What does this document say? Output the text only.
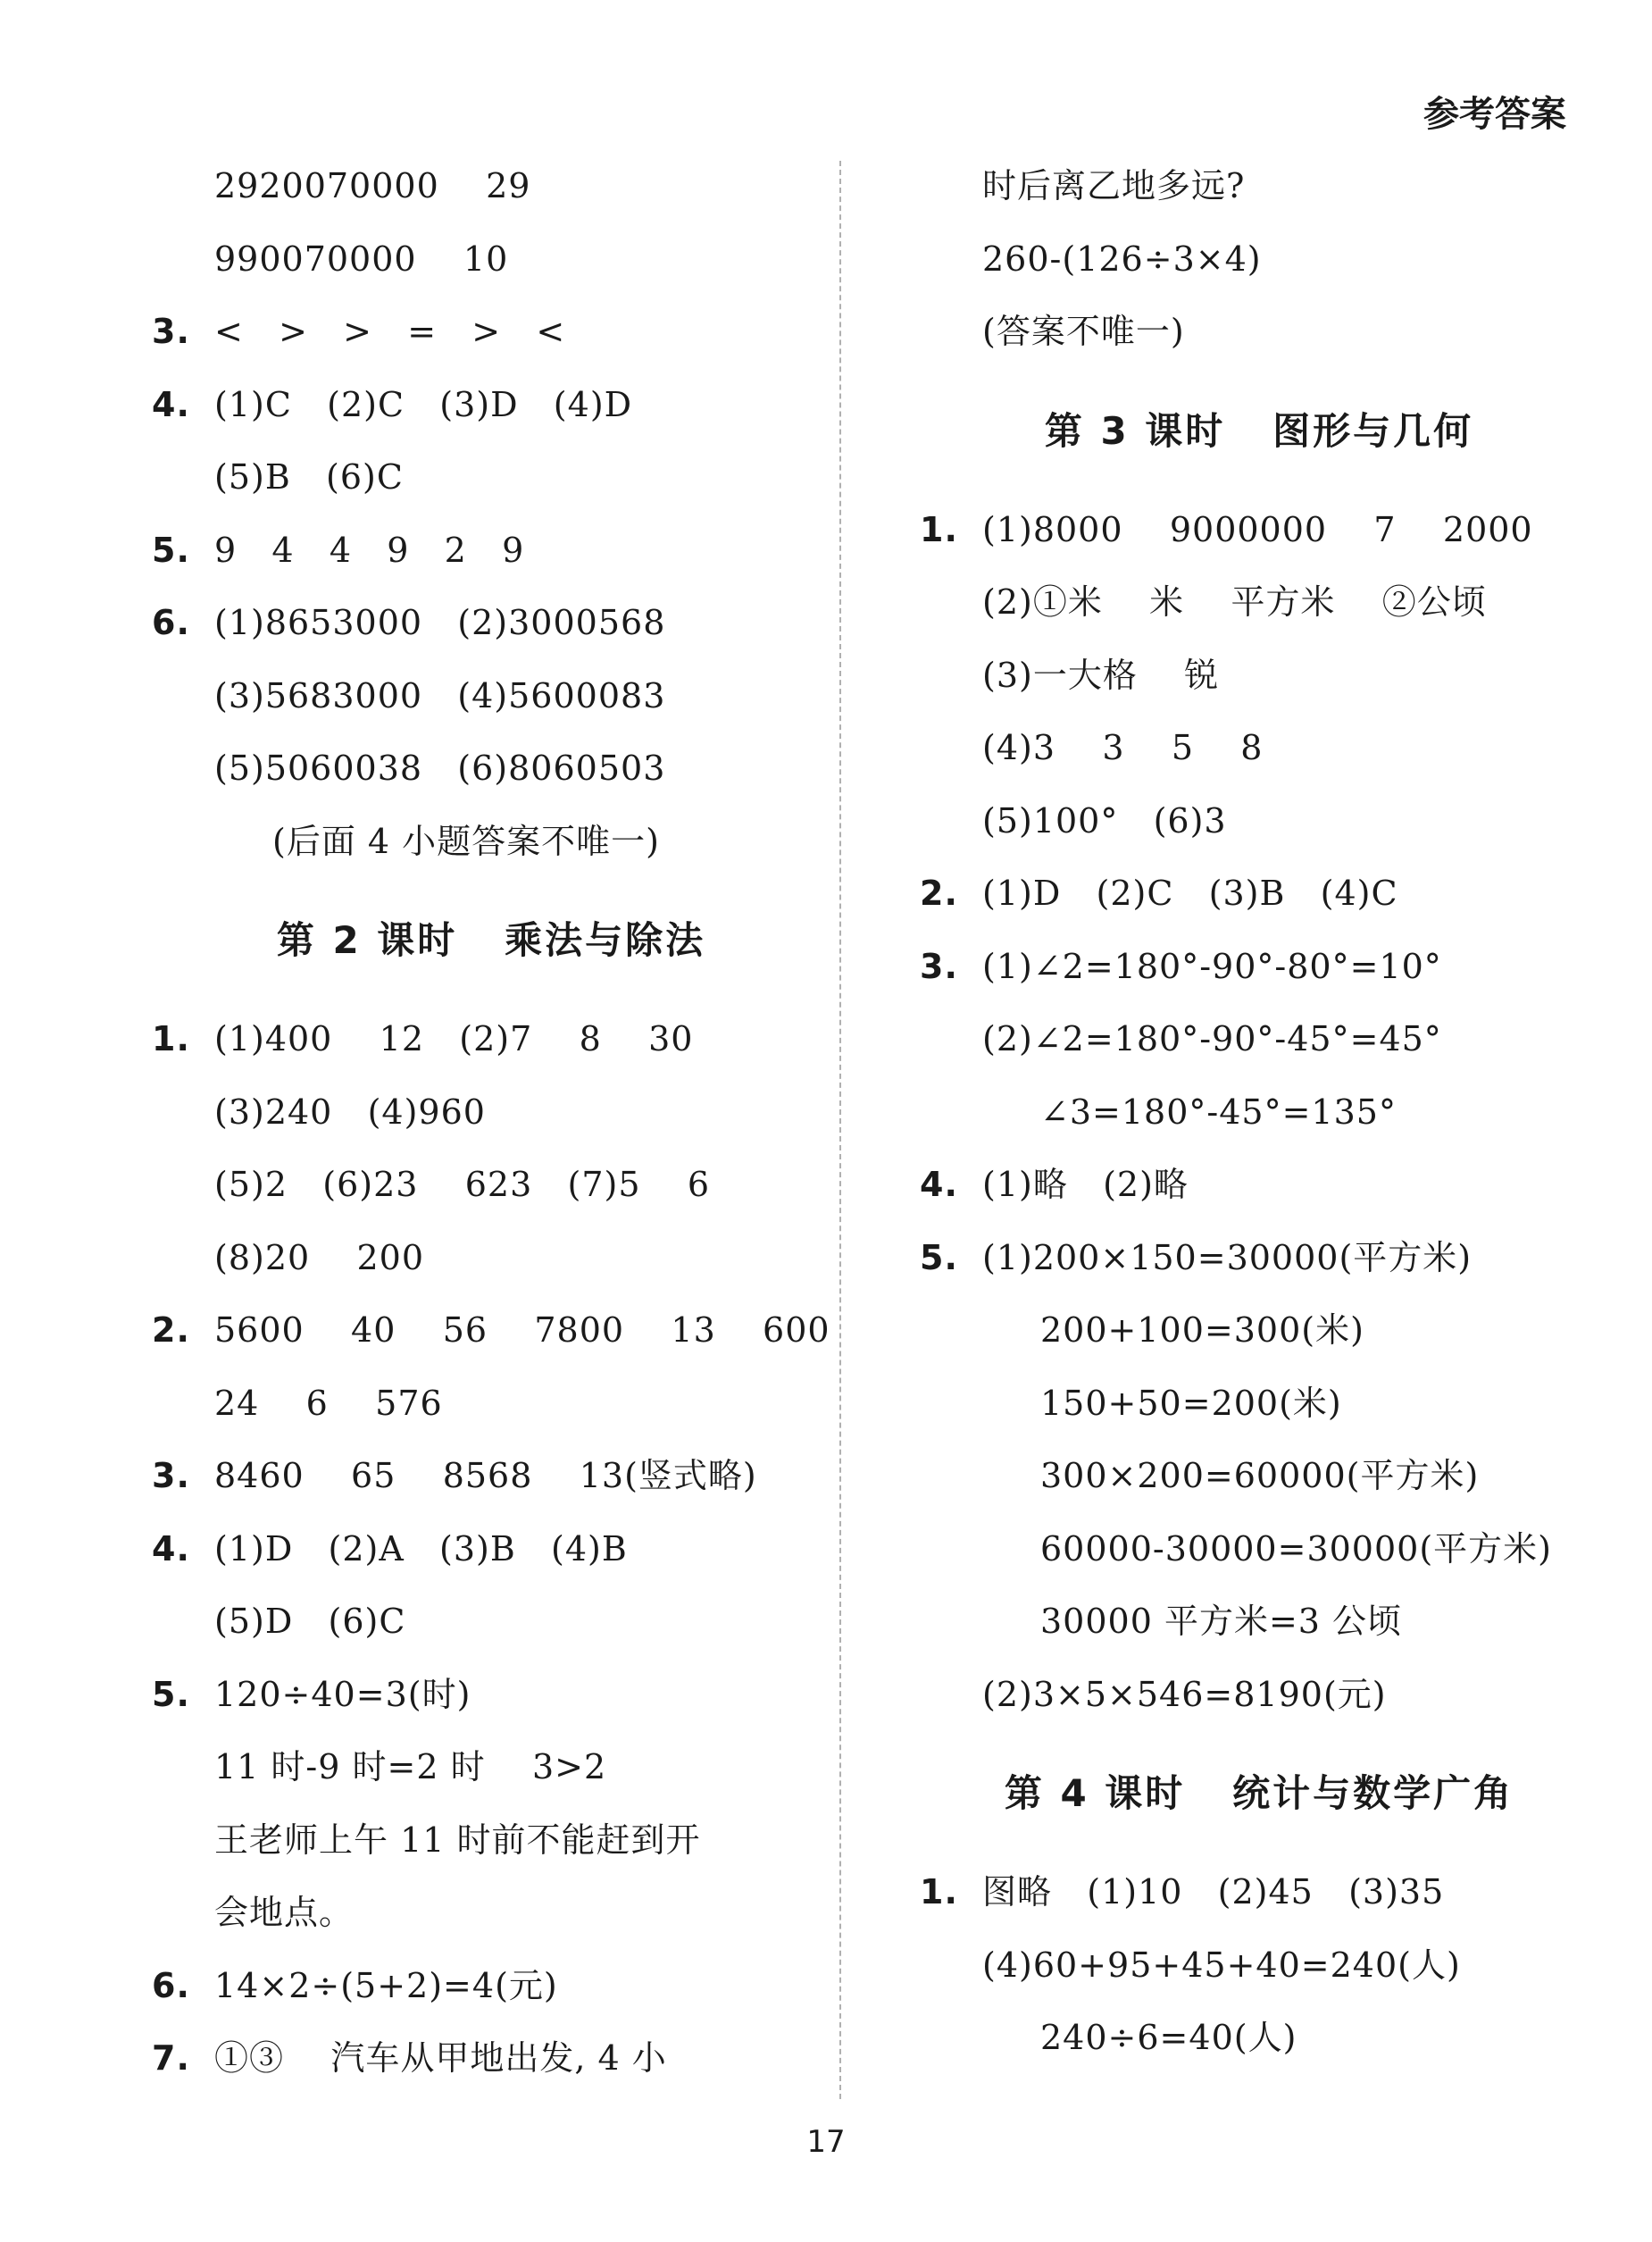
参考答案
2920070000    29
990070000    10
3. <   >   >   =   >   <
4. (1)C   (2)C   (3)D   (4)D
(5)B   (6)C
5. 9   4   4   9   2   9
6. (1)8653000   (2)3000568
(3)5683000   (4)5600083
(5)5060038   (6)8060503
(后面 4 小题答案不唯一)
第 2 课时   乘法与除法
1. (1)400    12   (2)7    8    30
(3)240   (4)960
(5)2   (6)23    623   (7)5    6
(8)20    200
2. 5600    40    56    7800    13    600
24    6    576
3. 8460    65    8568    13(竖式略)
4. (1)D   (2)A   (3)B   (4)B
(5)D   (6)C
5. 120÷40=3(时)
11 时-9 时=2 时    3>2
王老师上午 11 时前不能赶到开
会地点。
6. 14×2÷(5+2)=4(元)
7. ①③    汽车从甲地出发, 4 小
时后离乙地多远?
260-(126÷3×4)
(答案不唯一)
第 3 课时   图形与几何
1. (1)8000    9000000    7    2000
(2)①米    米    平方米    ②公顷
(3)一大格    锐
(4)3    3    5    8
(5)100°   (6)3
2. (1)D   (2)C   (3)B   (4)C
3. (1)∠2=180°-90°-80°=10°
(2)∠2=180°-90°-45°=45°
∠3=180°-45°=135°
4. (1)略   (2)略
5. (1)200×150=30000(平方米)
200+100=300(米)
150+50=200(米)
300×200=60000(平方米)
60000-30000=30000(平方米)
30000 平方米=3 公顷
(2)3×5×546=8190(元)
第 4 课时   统计与数学广角
1. 图略   (1)10   (2)45   (3)35
(4)60+95+45+40=240(人)
240÷6=40(人)
17
